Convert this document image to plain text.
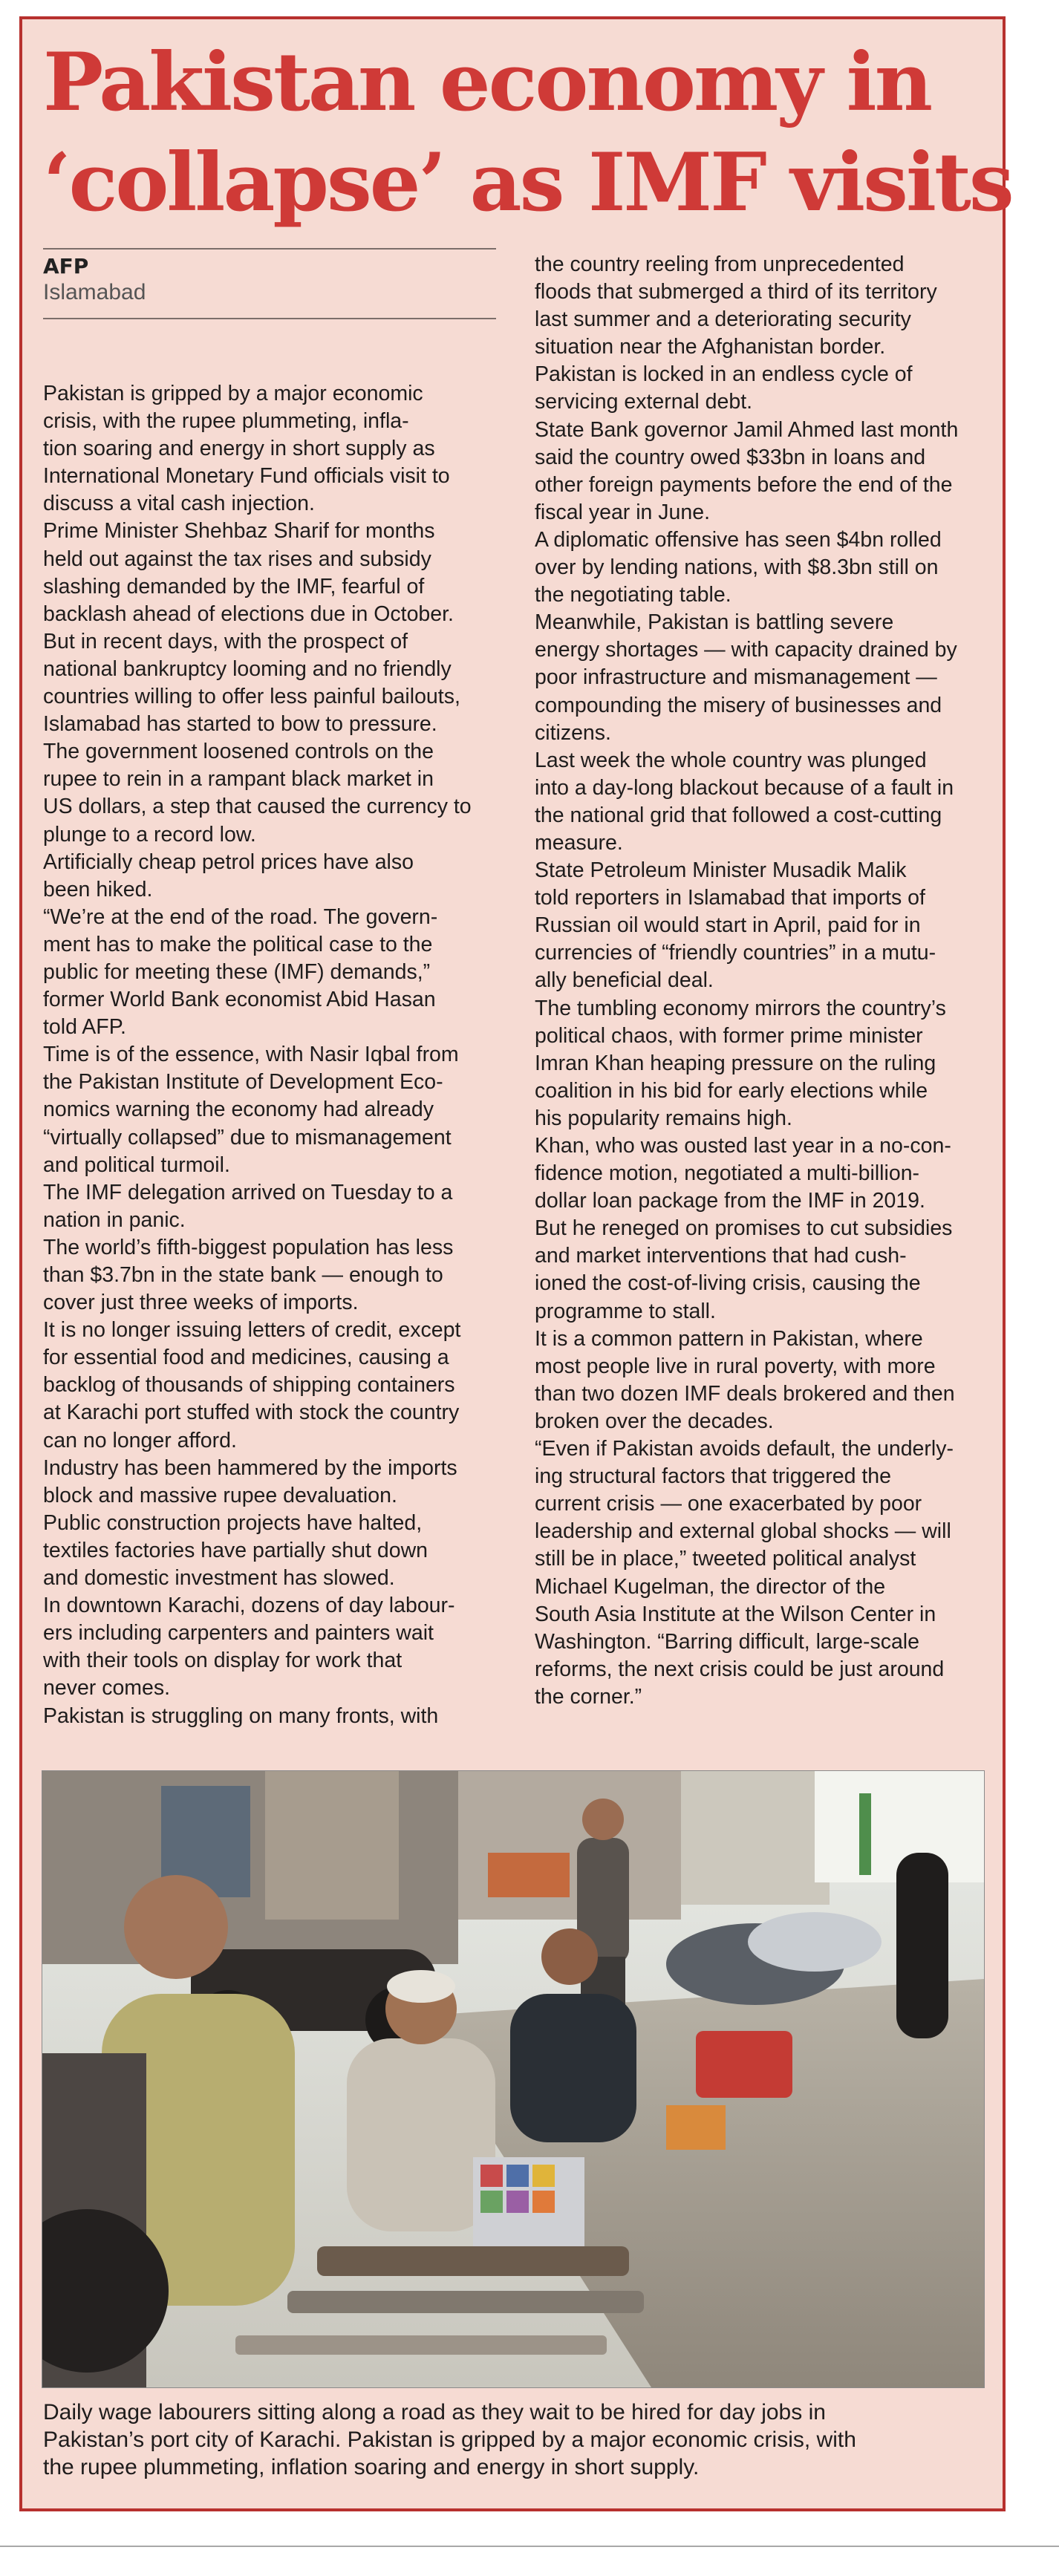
Pakistan economy in
‘collapse’ as IMF visits
AFP
Islamabad

Pakistan is gripped by a major economic
crisis, with the rupee plummeting, infla-
tion soaring and energy in short supply as
International Monetary Fund officials visit to
discuss a vital cash injection.

Prime Minister Shehbaz Sharif for months
held out against the tax rises and subsidy
slashing demanded by the IMF, fearful of
backlash ahead of elections due in October.

But in recent days, with the prospect of
national bankruptcy looming and no friendly
countries willing to offer less painful bailouts,
Islamabad has started to bow to pressure.

The government loosened controls on the
rupee to rein in a rampant black market in
US dollars, a step that caused the currency to
plunge to a record low.

Artificially cheap petrol prices have also
been hiked.

“We’re at the end of the road. The govern-
ment has to make the political case to the
public for meeting these (IMF) demands,”
former World Bank economist Abid Hasan
told AFP.

Time is of the essence, with Nasir Iqbal from
the Pakistan Institute of Development Eco-
nomics warning the economy had already
“virtually collapsed” due to mismanagement
and political turmoil.

The IMF delegation arrived on Tuesday to a
nation in panic.

The world’s fifth-biggest population has less
than $3.7bn in the state bank — enough to
cover just three weeks of imports.

It is no longer issuing letters of credit, except
for essential food and medicines, causing a
backlog of thousands of shipping containers
at Karachi port stuffed with stock the country
can no longer afford.

Industry has been hammered by the imports
block and massive rupee devaluation.

Public construction projects have halted,
textiles factories have partially shut down
and domestic investment has slowed.

In downtown Karachi, dozens of day labour-
ers including carpenters and painters wait
with their tools on display for work that
never comes.

Pakistan is struggling on many fronts, with

the country reeling from unprecedented
floods that submerged a third of its territory
last summer and a deteriorating security
situation near the Afghanistan border.

Pakistan is locked in an endless cycle of
servicing external debt.

State Bank governor Jamil Ahmed last month
said the country owed $33bn in loans and
other foreign payments before the end of the
fiscal year in June.

A diplomatic offensive has seen $4bn rolled
over by lending nations, with $8.3bn still on
the negotiating table.

Meanwhile, Pakistan is battling severe
energy shortages — with capacity drained by
poor infrastructure and mismanagement —
compounding the misery of businesses and
citizens.

Last week the whole country was plunged
into a day-long blackout because of a fault in
the national grid that followed a cost-cutting
measure.

State Petroleum Minister Musadik Malik
told reporters in Islamabad that imports of
Russian oil would start in April, paid for in
currencies of “friendly countries” in a mutu-
ally beneficial deal.

The tumbling economy mirrors the country’s
political chaos, with former prime minister
Imran Khan heaping pressure on the ruling
coalition in his bid for early elections while
his popularity remains high.

Khan, who was ousted last year in a no-con-
fidence motion, negotiated a multi-billion-
dollar loan package from the IMF in 2019.

But he reneged on promises to cut subsidies
and market interventions that had cush-
ioned the cost-of-living crisis, causing the
programme to stall.

It is a common pattern in Pakistan, where
most people live in rural poverty, with more
than two dozen IMF deals brokered and then
broken over the decades.

“Even if Pakistan avoids default, the underly-
ing structural factors that triggered the
current crisis — one exacerbated by poor
leadership and external global shocks — will
still be in place,” tweeted political analyst
Michael Kugelman, the director of the
South Asia Institute at the Wilson Center in
Washington. “Barring difficult, large-scale
reforms, the next crisis could be just around
the corner.”

Daily wage labourers sitting along a road as they wait to be hired for day jobs in
Pakistan’s port city of Karachi. Pakistan is gripped by a major economic crisis, with
the rupee plummeting, inflation soaring and energy in short supply.
